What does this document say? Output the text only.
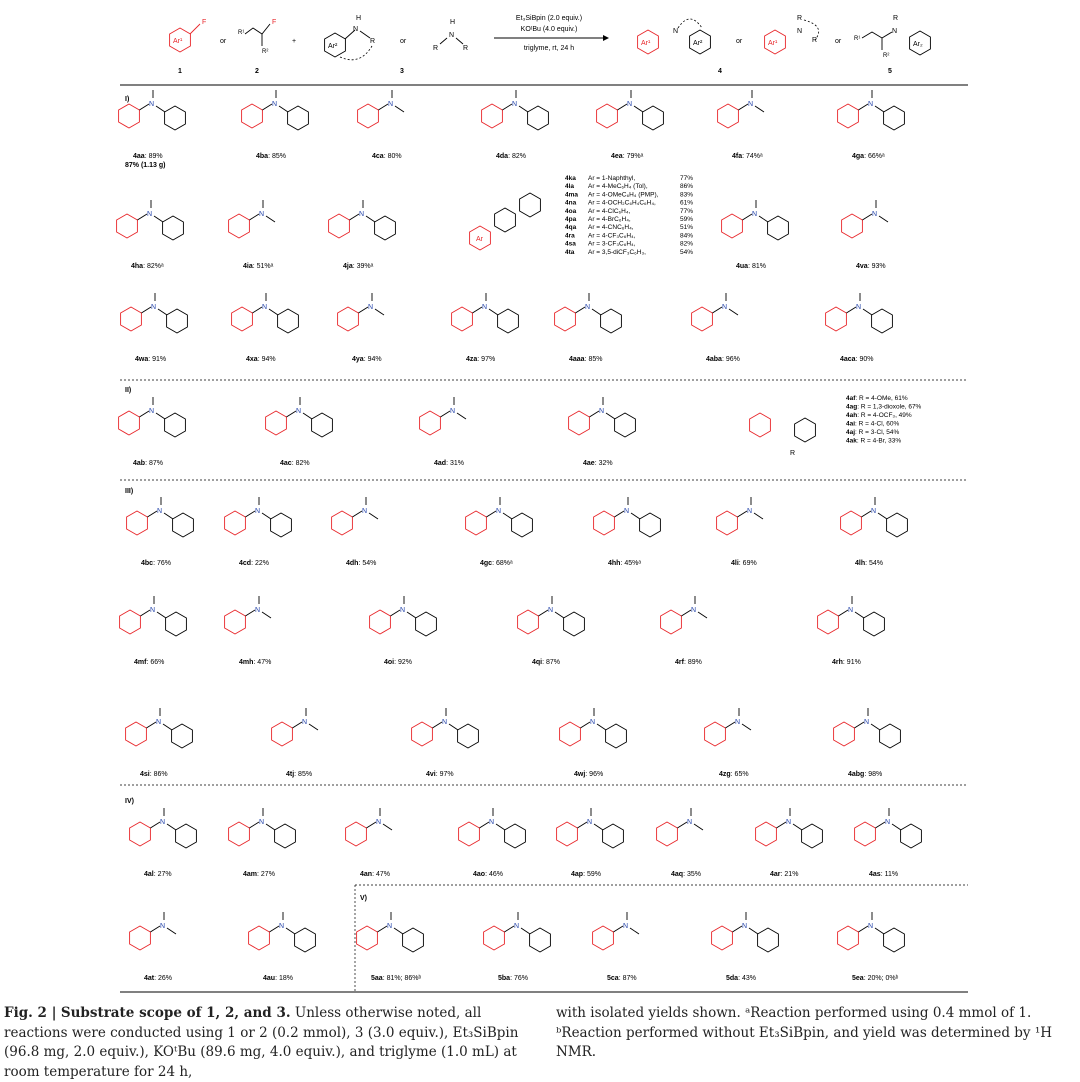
F
Ar¹
1
or
F
R¹
R²
2
+
Ar²
N
H
R	or
N
H
R	R
3
Et₃SiBpin (2.0 equiv.)
KOᵗBu (4.0 equiv.)
triglyme, rt, 24 h
Ar¹
N
Ar²	or	Ar¹
N
R
R
4
or R¹
R²
N
R
Ar₂
5
I)
II)
III)
IV)
V)
N	N	N	N	N	N	N
N	N	N	N	N
N	N	N	N	N	N	N
N	N	N	N
N	N	N	N	N	N	N
N	N	N	N	N	N
N	N	N	N	N	N
N	N	N	N	N	N	N	N
N	N	N	N	N	N	N
Ar
R
4aa: 89%
87% (1.13 g)
4ba: 85%	4ca: 80%	4da: 82%	4ea: 79%ᵃ	4fa: 74%ᵃ	4ga: 66%ᵃ
4ha: 82%ᵃ	4ia: 51%ᵃ	4ja: 39%ᵃ	4ua: 81%	4va: 93%
4wa: 91%	4xa: 94%	4ya: 94%	4za: 97%	4aaa: 85%	4aba: 96%	4aca: 90%
4ab: 87%	4ac: 82%	4ad: 31%	4ae: 32%
4bc: 76%	4cd: 22%	4dh: 54%	4gc: 68%ᵃ	4hh: 45%ᵃ	4li: 69%	4lh: 54%
4mf: 66%	4mh: 47%	4oi: 92%	4qi: 87%	4rf: 89%	4rh: 91%
4si: 86%	4tj: 85%	4vi: 97%	4wj: 96%	4zg: 65%	4abg: 98%
4al: 27%	4am: 27%	4an: 47%	4ao: 46%	4ap: 59%	4aq: 35%	4ar: 21%	4as: 11%
4at: 26%	4au: 18%	5aa: 81%; 86%ᵇ	5ba: 76%	5ca: 87%	5da: 43%	5ea: 20%; 0%ᵇ
4ka Ar = 1-Naphthyl,	77%
4la Ar = 4-MeC₆H₄ (Tol),	86%
4ma Ar = 4-OMeC₆H₄ (PMP),	83%
4na Ar = 4-OCH₂C₆H₄C₆H₄,	61%
4oa Ar = 4-ClC₆H₄,	77%
4pa Ar = 4-BrC₆H₄,	59%
4qa Ar = 4-CNC₆H₄,	51%
4ra Ar = 4-CF₃C₆H₄,	84%
4sa Ar = 3-CF₃C₆H₄,	82%
4ta Ar = 3,5-diCF₃C₆H₃,	54%
4af: R = 4-OMe, 61%
4ag: R = 1,3-dioxole, 67%
4ah: R = 4-OCF₃, 49%
4ai: R = 4-Cl, 60%
4aj: R = 3-Cl, 54%
4ak: R = 4-Br, 33%
Fig. 2 | Substrate scope of 1, 2, and 3. Unless otherwise noted, all reactions were conducted using 1 or 2 (0.2 mmol), 3 (3.0 equiv.), Et₃SiBpin (96.8 mg, 2.0 equiv.), KOᵗBu (89.6 mg, 4.0 equiv.), and triglyme (1.0 mL) at room temperature for 24 h,
with isolated yields shown. ᵃReaction performed using 0.4 mmol of 1. ᵇReaction performed without Et₃SiBpin, and yield was determined by ¹H NMR.
